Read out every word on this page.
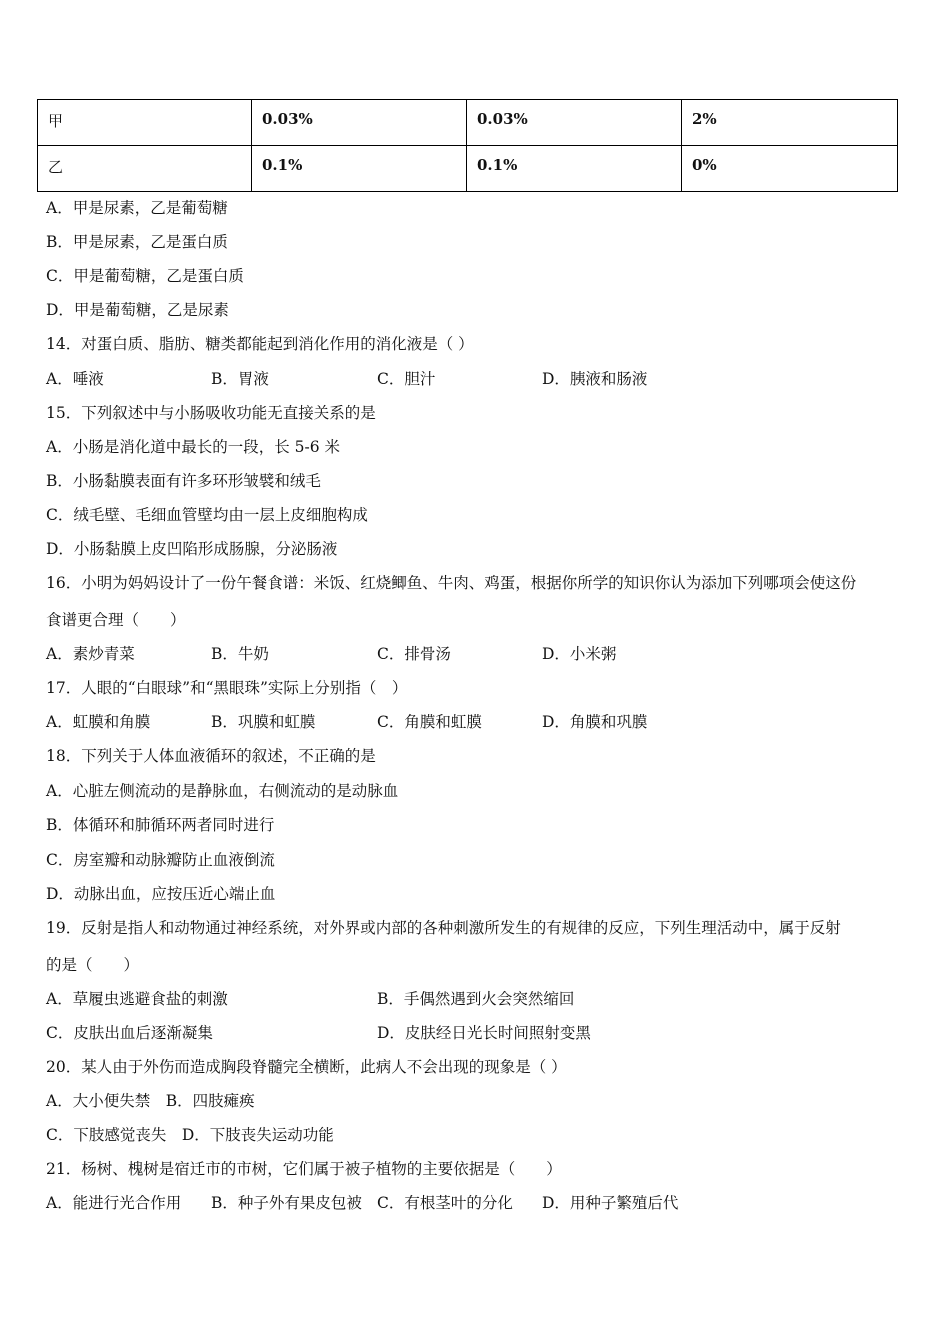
甲	0.03%	0.03%	2%
乙	0.1%	0.1%	0%
A．甲是尿素，乙是葡萄糖
B．甲是尿素，乙是蛋白质
C．甲是葡萄糖，乙是蛋白质
D．甲是葡萄糖，乙是尿素
14．对蛋白质、脂肪、糖类都能起到消化作用的消化液是（ ）
A．唾液	B．胃液	C．胆汁	D．胰液和肠液
15．下列叙述中与小肠吸收功能无直接关系的是
A．小肠是消化道中最长的一段，长 5-6 米
B．小肠黏膜表面有许多环形皱襞和绒毛
C．绒毛壁、毛细血管壁均由一层上皮细胞构成
D．小肠黏膜上皮凹陷形成肠腺，分泌肠液
16．小明为妈妈设计了一份午餐食谱：米饭、红烧鲫鱼、牛肉、鸡蛋，根据你所学的知识你认为添加下列哪项会使这份
食谱更合理（　　）
A．素炒青菜	B．牛奶	C．排骨汤	D．小米粥
17．人眼的“白眼球”和“黑眼珠”实际上分别指（　）
A．虹膜和角膜	B．巩膜和虹膜	C．角膜和虹膜	D．角膜和巩膜
18．下列关于人体血液循环的叙述，不正确的是
A．心脏左侧流动的是静脉血，右侧流动的是动脉血
B．体循环和肺循环两者同时进行
C．房室瓣和动脉瓣防止血液倒流
D．动脉出血，应按压近心端止血
19．反射是指人和动物通过神经系统，对外界或内部的各种刺激所发生的有规律的反应，下列生理活动中，属于反射
的是（　　）
A．草履虫逃避食盐的刺激	B．手偶然遇到火会突然缩回
C．皮肤出血后逐渐凝集	D．皮肤经日光长时间照射变黑
20．某人由于外伤而造成胸段脊髓完全横断，此病人不会出现的现象是（ ）
A．大小便失禁　B．四肢瘫痪
C．下肢感觉丧失　D．下肢丧失运动功能
21．杨树、槐树是宿迁市的市树，它们属于被子植物的主要依据是（　　）
A．能进行光合作用 B．种子外有果皮包被 C．有根茎叶的分化 D．用种子繁殖后代
